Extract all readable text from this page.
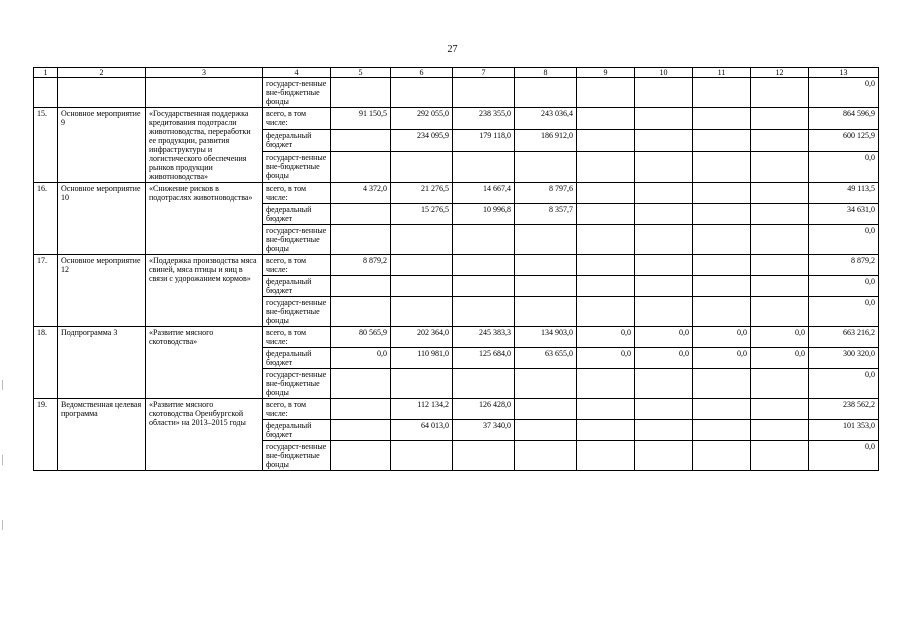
27
1	2	3	4	5	6	7	8	9	10	11	12	13
			государст-венные вне-бюджетные фонды									0,0
15.	Основное мероприятие 9	«Государственная поддержка кредитования подотрасли животноводства, переработки ее продукции, развития инфраструктуры и логистического обеспечения рынков продукции животноводства»	всего, в том числе:	91 150,5	292 055,0	238 355,0	243 036,4					864 596,9
			федеральный бюджет		234 095,9	179 118,0	186 912,0					600 125,9
			государст-венные вне-бюджетные фонды									0,0
16.	Основное мероприятие 10	«Снижение рисков в подотраслях животноводства»	всего, в том числе:	4 372,0	21 276,5	14 667,4	8 797,6					49 113,5
			федеральный бюджет		15 276,5	10 996,8	8 357,7					34 631,0
			государст-венные вне-бюджетные фонды									0,0
17.	Основное мероприятие 12	«Поддержка производства мяса свиней, мяса птицы и яиц в связи с удорожанием кормов»	всего, в том числе:	8 879,2								8 879,2
			федеральный бюджет									0,0
			государст-венные вне-бюджетные фонды									0,0
18.	Подпрограмма 3	«Развитие мясного скотоводства»	всего, в том числе:	80 565,9	202 364,0	245 383,3	134 903,0	0,0	0,0	0,0	0,0	663 216,2
			федеральный бюджет	0,0	110 981,0	125 684,0	63 655,0	0,0	0,0	0,0	0,0	300 320,0
			государст-венные вне-бюджетные фонды									0,0
19.	Ведомственная целевая программа	«Развитие мясного скотоводства Оренбургской области» на 2013–2015 годы	всего, в том числе:		112 134,2	126 428,0						238 562,2
			федеральный бюджет		64 013,0	37 340,0						101 353,0
			государст-венные вне-бюджетные фонды									0,0
